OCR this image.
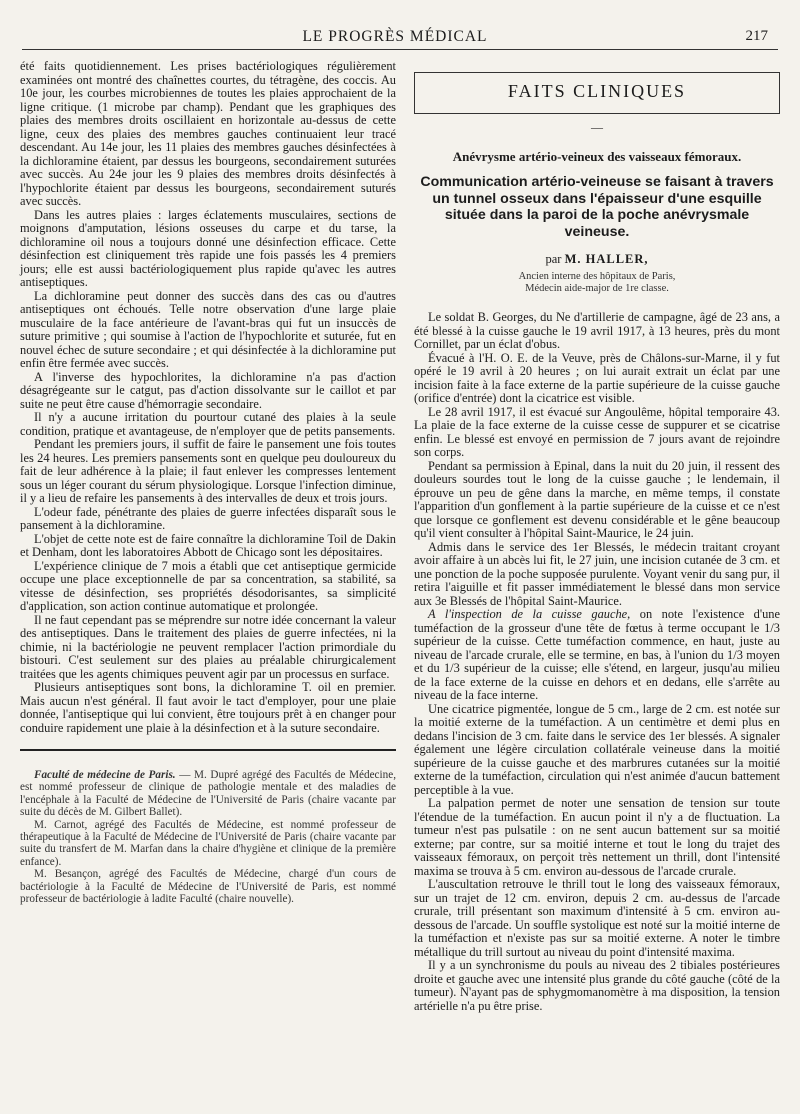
LE PROGRÈS MÉDICAL	217

été faits quotidiennement. Les prises bactériologiques régulièrement examinées ont montré des chaînettes courtes, du tétragène, des coccis. Au 10e jour, les courbes microbiennes de toutes les plaies approchaient de la ligne critique. (1 microbe par champ). Pendant que les graphiques des plaies des membres droits oscillaient en horizontale au-dessus de cette ligne, ceux des plaies des membres gauches continuaient leur tracé descendant. Au 14e jour, les 11 plaies des membres gauches désinfectées à la dichloramine étaient, par dessus les bourgeons, secondairement suturées avec succès. Au 24e jour les 9 plaies des membres droits désinfectés à l'hypochlorite étaient par dessus les bourgeons, secondairement suturés avec succès.

Dans les autres plaies : larges éclatements musculaires, sections de moignons d'amputation, lésions osseuses du carpe et du tarse, la dichloramine oil nous a toujours donné une désinfection efficace. Cette désinfection est cliniquement très rapide une fois passés les 4 premiers jours; elle est aussi bactériologiquement plus rapide qu'avec les autres antiseptiques.

La dichloramine peut donner des succès dans des cas ou d'autres antiseptiques ont échoués. Telle notre observation d'une large plaie musculaire de la face antérieure de l'avant-bras qui fut un insuccès de suture primitive ; qui soumise à l'action de l'hypochlorite et suturée, fut en nouvel échec de suture secondaire ; et qui désinfectée à la dichloramine put enfin être fermée avec succès.

A l'inverse des hypochlorites, la dichloramine n'a pas d'action désagrégeante sur le catgut, pas d'action dissolvante sur le caillot et par suite ne peut être cause d'hémorragie secondaire.

Il n'y a aucune irritation du pourtour cutané des plaies à la seule condition, pratique et avantageuse, de n'employer que de petits pansements.

Pendant les premiers jours, il suffit de faire le pansement une fois toutes les 24 heures. Les premiers pansements sont en quelque peu douloureux du fait de leur adhérence à la plaie; il faut enlever les compresses lentement sous un léger courant du sérum physiologique. Lorsque l'infection diminue, il y a lieu de refaire les pansements à des intervalles de deux et trois jours.

L'odeur fade, pénétrante des plaies de guerre infectées disparaît sous le pansement à la dichloramine.

L'objet de cette note est de faire connaître la dichloramine Toil de Dakin et Denham, dont les laboratoires Abbott de Chicago sont les dépositaires.

L'expérience clinique de 7 mois a établi que cet antiseptique germicide occupe une place exceptionnelle de par sa concentration, sa stabilité, sa vitesse de désinfection, ses propriétés désodorisantes, sa simplicité d'application, son action continue automatique et prolongée.

Il ne faut cependant pas se méprendre sur notre idée concernant la valeur des antiseptiques. Dans le traitement des plaies de guerre infectées, ni la chimie, ni la bactériologie ne peuvent remplacer l'action primordiale du bistouri. C'est seulement sur des plaies au préalable chirurgicalement traitées que les agents chimiques peuvent agir par un processus en surface.

Plusieurs antiseptiques sont bons, la dichloramine T. oil en premier. Mais aucun n'est général. Il faut avoir le tact d'employer, pour une plaie donnée, l'antiseptique qui lui convient, être toujours prêt à en changer pour conduire rapidement une plaie à la désinfection et à la suture secondaire.

Faculté de médecine de Paris. — M. Dupré agrégé des Facultés de Médecine, est nommé professeur de clinique de pathologie mentale et des maladies de l'encéphale à la Faculté de Médecine de l'Université de Paris (chaire vacante par suite du décès de M. Gilbert Ballet).

M. Carnot, agrégé des Facultés de Médecine, est nommé professeur de thérapeutique à la Faculté de Médecine de l'Université de Paris (chaire vacante par suite du transfert de M. Marfan dans la chaire d'hygiène et clinique de la première enfance).

M. Besançon, agrégé des Facultés de Médecine, chargé d'un cours de bactériologie à la Faculté de Médecine de l'Université de Paris, est nommé professeur de bactériologie à ladite Faculté (chaire nouvelle).

FAITS CLINIQUES
—
Anévrysme artério-veineux des vaisseaux fémoraux.
Communication artério-veineuse se faisant à travers un tunnel osseux dans l'épaisseur d'une esquille située dans la paroi de la poche anévrysmale veineuse.
par M. HALLER,
Ancien interne des hôpitaux de Paris,
Médecin aide-major de 1re classe.

Le soldat B. Georges, du Ne d'artillerie de campagne, âgé de 23 ans, a été blessé à la cuisse gauche le 19 avril 1917, à 13 heures, près du mont Cornillet, par un éclat d'obus.

Évacué à l'H. O. E. de la Veuve, près de Châlons-sur-Marne, il y fut opéré le 19 avril à 20 heures ; on lui aurait extrait un éclat par une incision faite à la face externe de la partie supérieure de la cuisse gauche (orifice d'entrée) dont la cicatrice est visible.

Le 28 avril 1917, il est évacué sur Angoulême, hôpital temporaire 43. La plaie de la face externe de la cuisse cesse de suppurer et se cicatrise enfin. Le blessé est envoyé en permission de 7 jours avant de rejoindre son corps.

Pendant sa permission à Epinal, dans la nuit du 20 juin, il ressent des douleurs sourdes tout le long de la cuisse gauche ; le lendemain, il éprouve un peu de gêne dans la marche, en même temps, il constate l'apparition d'un gonflement à la partie supérieure de la cuisse et ce n'est que lorsque ce gonflement est devenu considérable et le gêne beaucoup qu'il vient consulter à l'hôpital Saint-Maurice, le 24 juin.

Admis dans le service des 1er Blessés, le médecin traitant croyant avoir affaire à un abcès lui fit, le 27 juin, une incision cutanée de 3 cm. et une ponction de la poche supposée purulente. Voyant venir du sang pur, il retira l'aiguille et fit passer immédiatement le blessé dans mon service aux 3e Blessés de l'hôpital Saint-Maurice.

A l'inspection de la cuisse gauche, on note l'existence d'une tuméfaction de la grosseur d'une tête de fœtus à terme occupant le 1/3 supérieur de la cuisse. Cette tuméfaction commence, en haut, juste au niveau de l'arcade crurale, elle se termine, en bas, à l'union du 1/3 moyen et du 1/3 supérieur de la cuisse; elle s'étend, en largeur, jusqu'au milieu de la face externe de la cuisse en dehors et en dedans, elle s'arrête au niveau de la face interne.

Une cicatrice pigmentée, longue de 5 cm., large de 2 cm. est notée sur la moitié externe de la tuméfaction. A un centimètre et demi plus en dedans l'incision de 3 cm. faite dans le service des 1er blessés. A signaler également une légère circulation collatérale veineuse dans la moitié supérieure de la cuisse gauche et des marbrures cutanées sur la moitié externe de la tuméfaction, circulation qui n'est animée d'aucun battement perceptible à la vue.

La palpation permet de noter une sensation de tension sur toute l'étendue de la tuméfaction. En aucun point il n'y a de fluctuation. La tumeur n'est pas pulsatile : on ne sent aucun battement sur sa moitié externe; par contre, sur sa moitié interne et tout le long du trajet des vaisseaux fémoraux, on perçoit très nettement un thrill, dont l'intensité maxima se trouva à 5 cm. environ au-dessous de l'arcade crurale.

L'auscultation retrouve le thrill tout le long des vaisseaux fémoraux, sur un trajet de 12 cm. environ, depuis 2 cm. au-dessus de l'arcade crurale, trill présentant son maximum d'intensité à 5 cm. environ au-dessous de l'arcade. Un souffle systolique est noté sur la moitié interne de la tuméfaction et n'existe pas sur sa moitié externe. A noter le timbre métallique du trill surtout au niveau du point d'intensité maxima.

Il y a un synchronisme du pouls au niveau des 2 tibiales postérieures droite et gauche avec une intensité plus grande du côté gauche (côté de la tumeur). N'ayant pas de sphygmomanomètre à ma disposition, la tension artérielle n'a pu être prise.
